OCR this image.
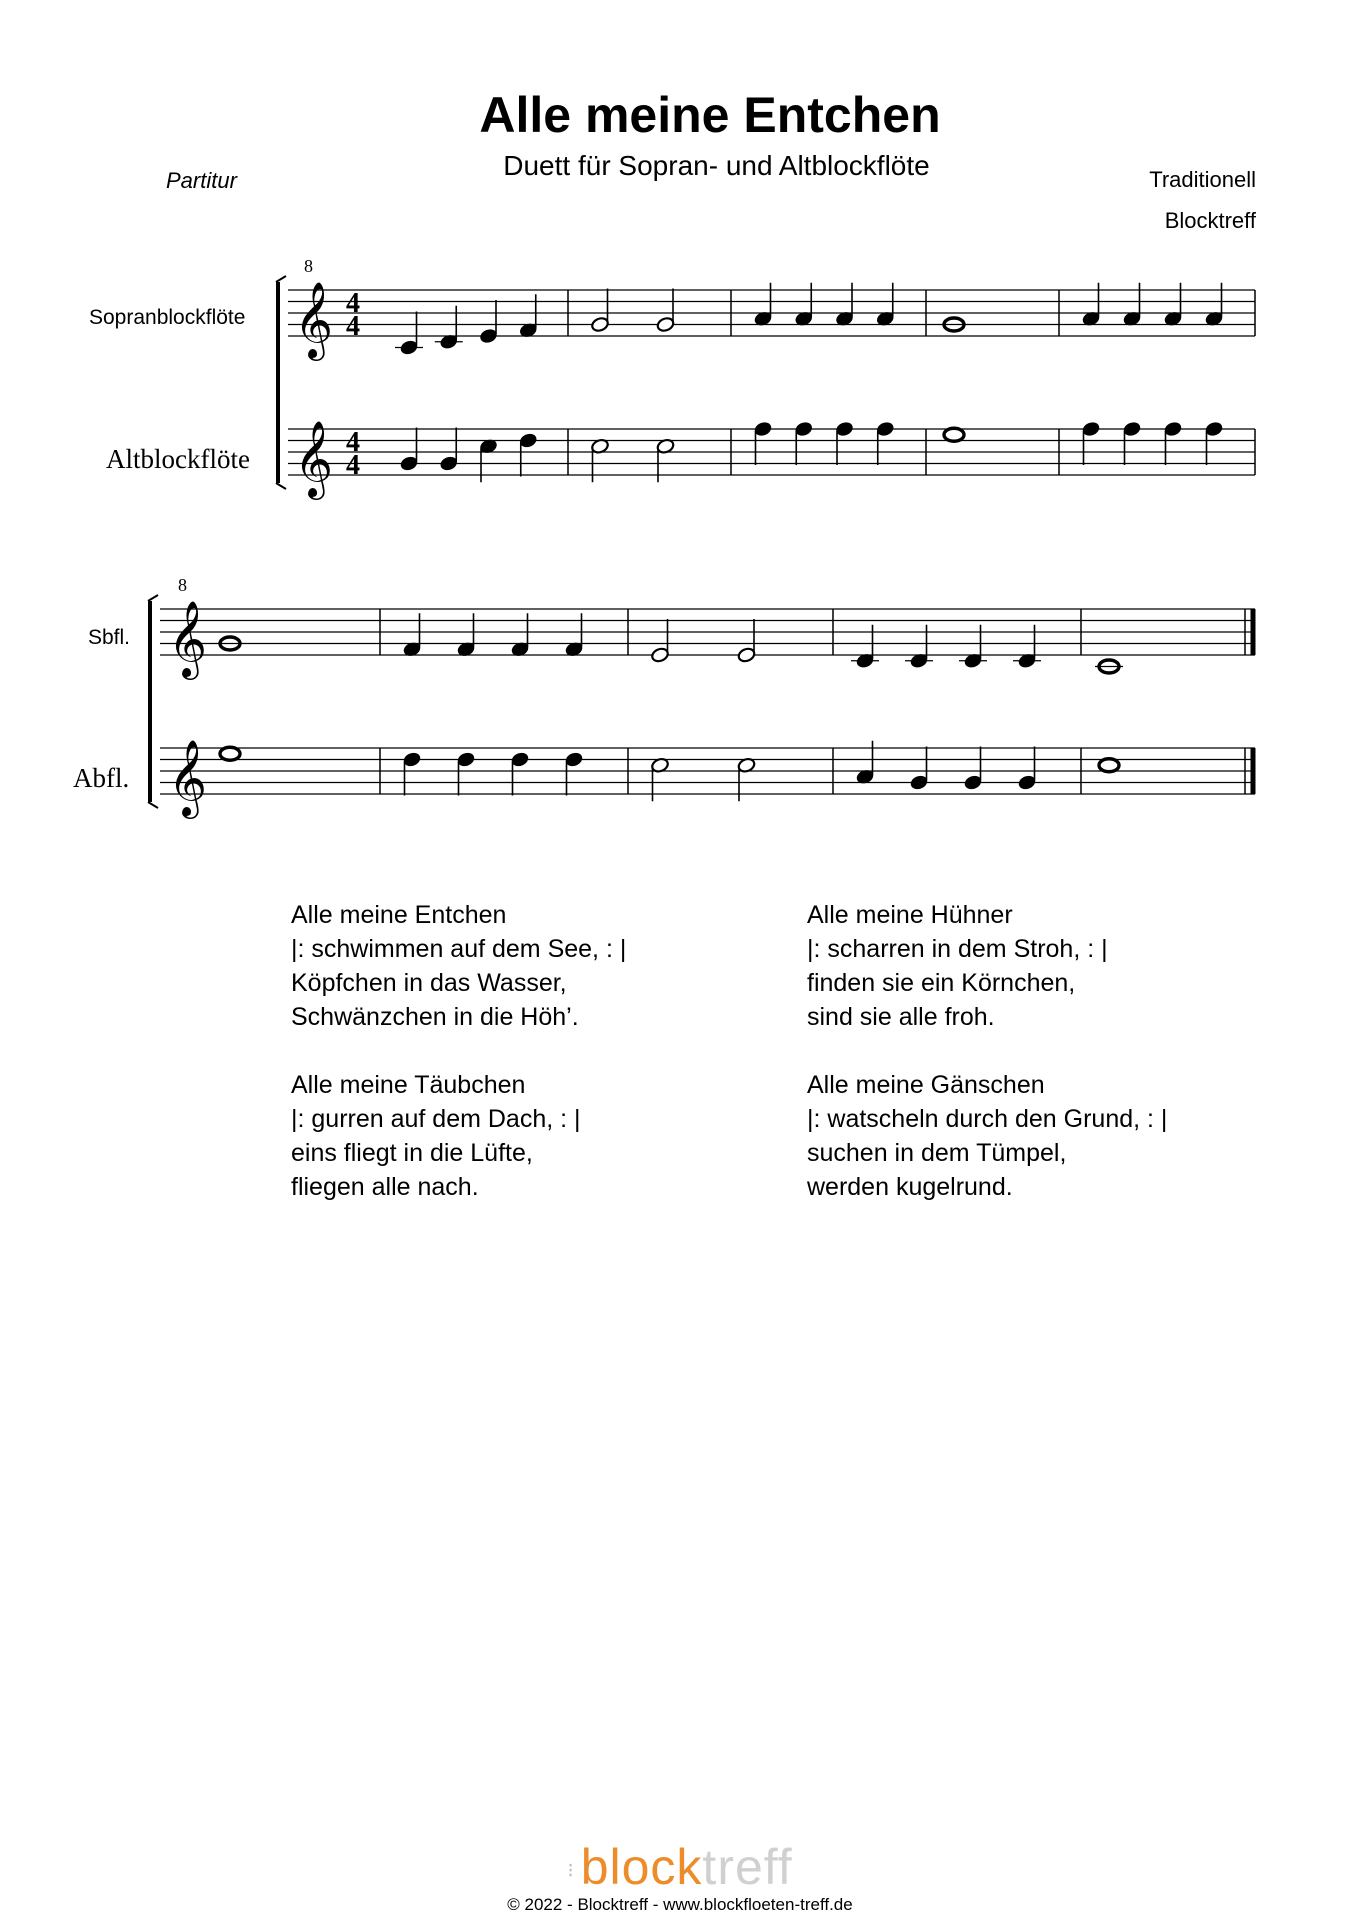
Alle meine Entchen
Duett für Sopran- und Altblockflöte
Partitur	Traditionell
Blocktreff
Sopranblockflöte
Altblockflöte
Sbfl.
Abfl.
𝄞
8
4
4
𝄞 4
4
𝄞
8
𝄞
Alle meine Entchen
|: schwimmen auf dem See, : |
Köpfchen in das Wasser,
Schwänzchen in die Höh’.
Alle meine Täubchen
|: gurren auf dem Dach, : |
eins fliegt in die Lüfte,
fliegen alle nach.
Alle meine Hühner
|: scharren in dem Stroh, : |
finden sie ein Körnchen,
sind sie alle froh.
Alle meine Gänschen
|: watscheln durch den Grund, : |
suchen in dem Tümpel,
werden kugelrund.
⁝ blocktreff
© 2022 - Blocktreff - www.blockfloeten-treff.de
